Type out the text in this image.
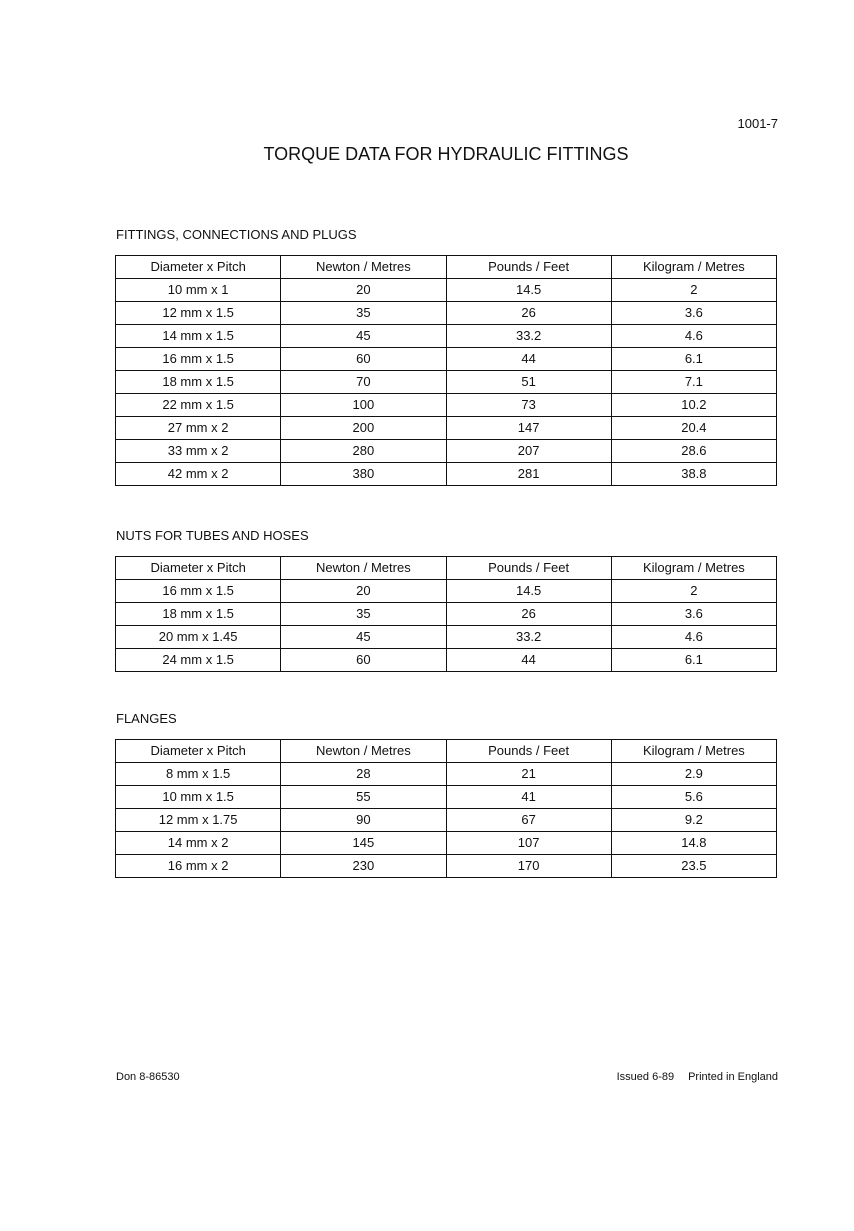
1001-7
TORQUE DATA FOR HYDRAULIC FITTINGS
FITTINGS, CONNECTIONS AND PLUGS
Diameter x Pitch	Newton / Metres	Pounds / Feet	Kilogram / Metres
10 mm x 1	20	14.5	2
12 mm x 1.5	35	26	3.6
14 mm x 1.5	45	33.2	4.6
16 mm x 1.5	60	44	6.1
18 mm x 1.5	70	51	7.1
22 mm x 1.5	100	73	10.2
27 mm x 2	200	147	20.4
33 mm x 2	280	207	28.6
42 mm x 2	380	281	38.8
NUTS FOR TUBES AND HOSES
Diameter x Pitch	Newton / Metres	Pounds / Feet	Kilogram / Metres
16 mm x 1.5	20	14.5	2
18 mm x 1.5	35	26	3.6
20 mm x 1.45	45	33.2	4.6
24 mm x 1.5	60	44	6.1
FLANGES
Diameter x Pitch	Newton / Metres	Pounds / Feet	Kilogram / Metres
8 mm x 1.5	28	21	2.9
10 mm x 1.5	55	41	5.6
12 mm x 1.75	90	67	9.2
14 mm x 2	145	107	14.8
16 mm x 2	230	170	23.5
Don 8-86530	Issued 6-89 Printed in England
